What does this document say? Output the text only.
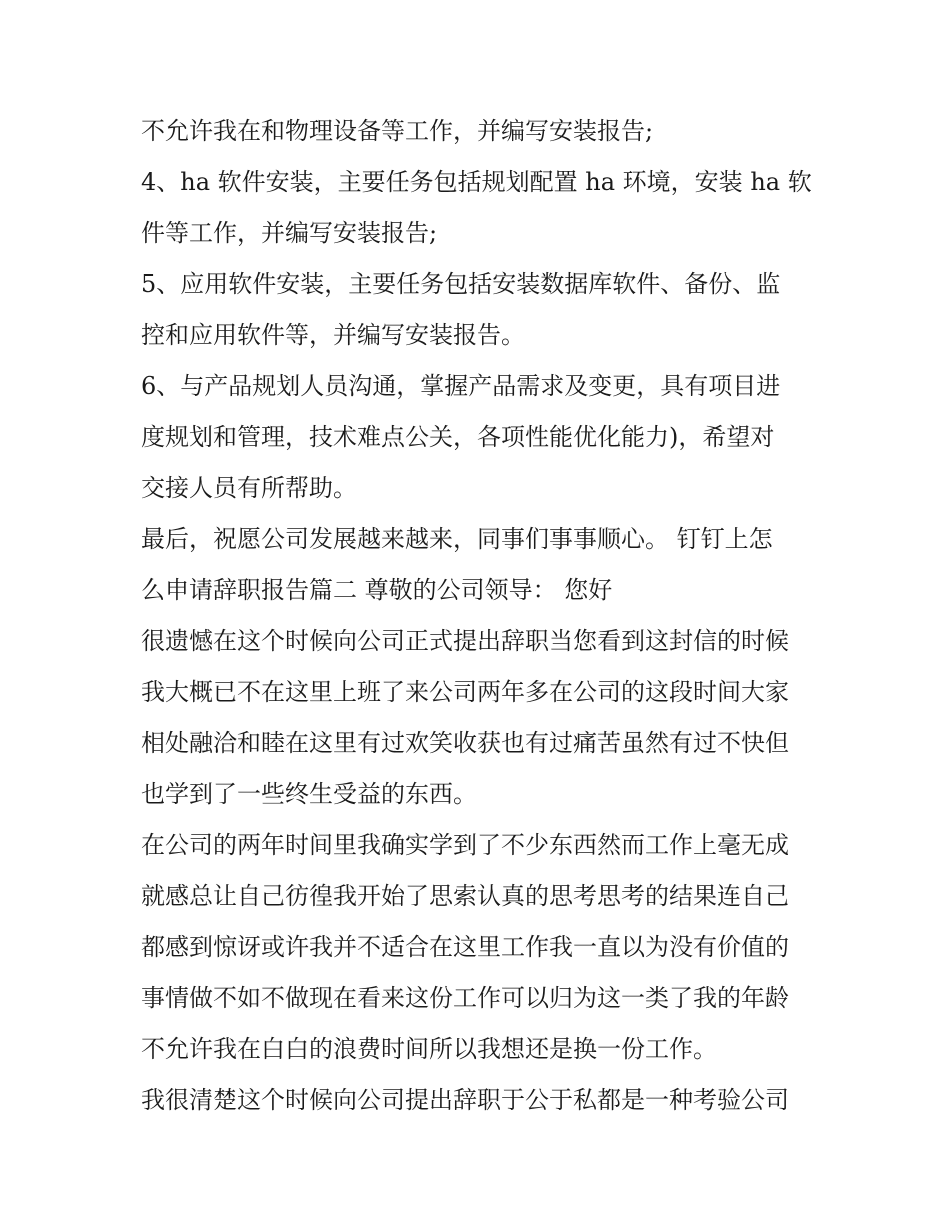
不允许我在和物理设备等工作，并编写安装报告;
4、ha 软件安装，主要任务包括规划配置 ha 环境，安装 ha 软
件等工作，并编写安装报告;
5、应用软件安装，主要任务包括安装数据库软件、备份、监
控和应用软件等，并编写安装报告。
6、与产品规划人员沟通，掌握产品需求及变更，具有项目进
度规划和管理，技术难点公关，各项性能优化能力)，希望对
交接人员有所帮助。
最后，祝愿公司发展越来越来，同事们事事顺心。 钉钉上怎
么申请辞职报告篇二 尊敬的公司领导： 您好
很遗憾在这个时候向公司正式提出辞职当您看到这封信的时候
我大概已不在这里上班了来公司两年多在公司的这段时间大家
相处融洽和睦在这里有过欢笑收获也有过痛苦虽然有过不快但
也学到了一些终生受益的东西。
在公司的两年时间里我确实学到了不少东西然而工作上毫无成
就感总让自己彷徨我开始了思索认真的思考思考的结果连自己
都感到惊讶或许我并不适合在这里工作我一直以为没有价值的
事情做不如不做现在看来这份工作可以归为这一类了我的年龄
不允许我在白白的浪费时间所以我想还是换一份工作。
我很清楚这个时候向公司提出辞职于公于私都是一种考验公司
